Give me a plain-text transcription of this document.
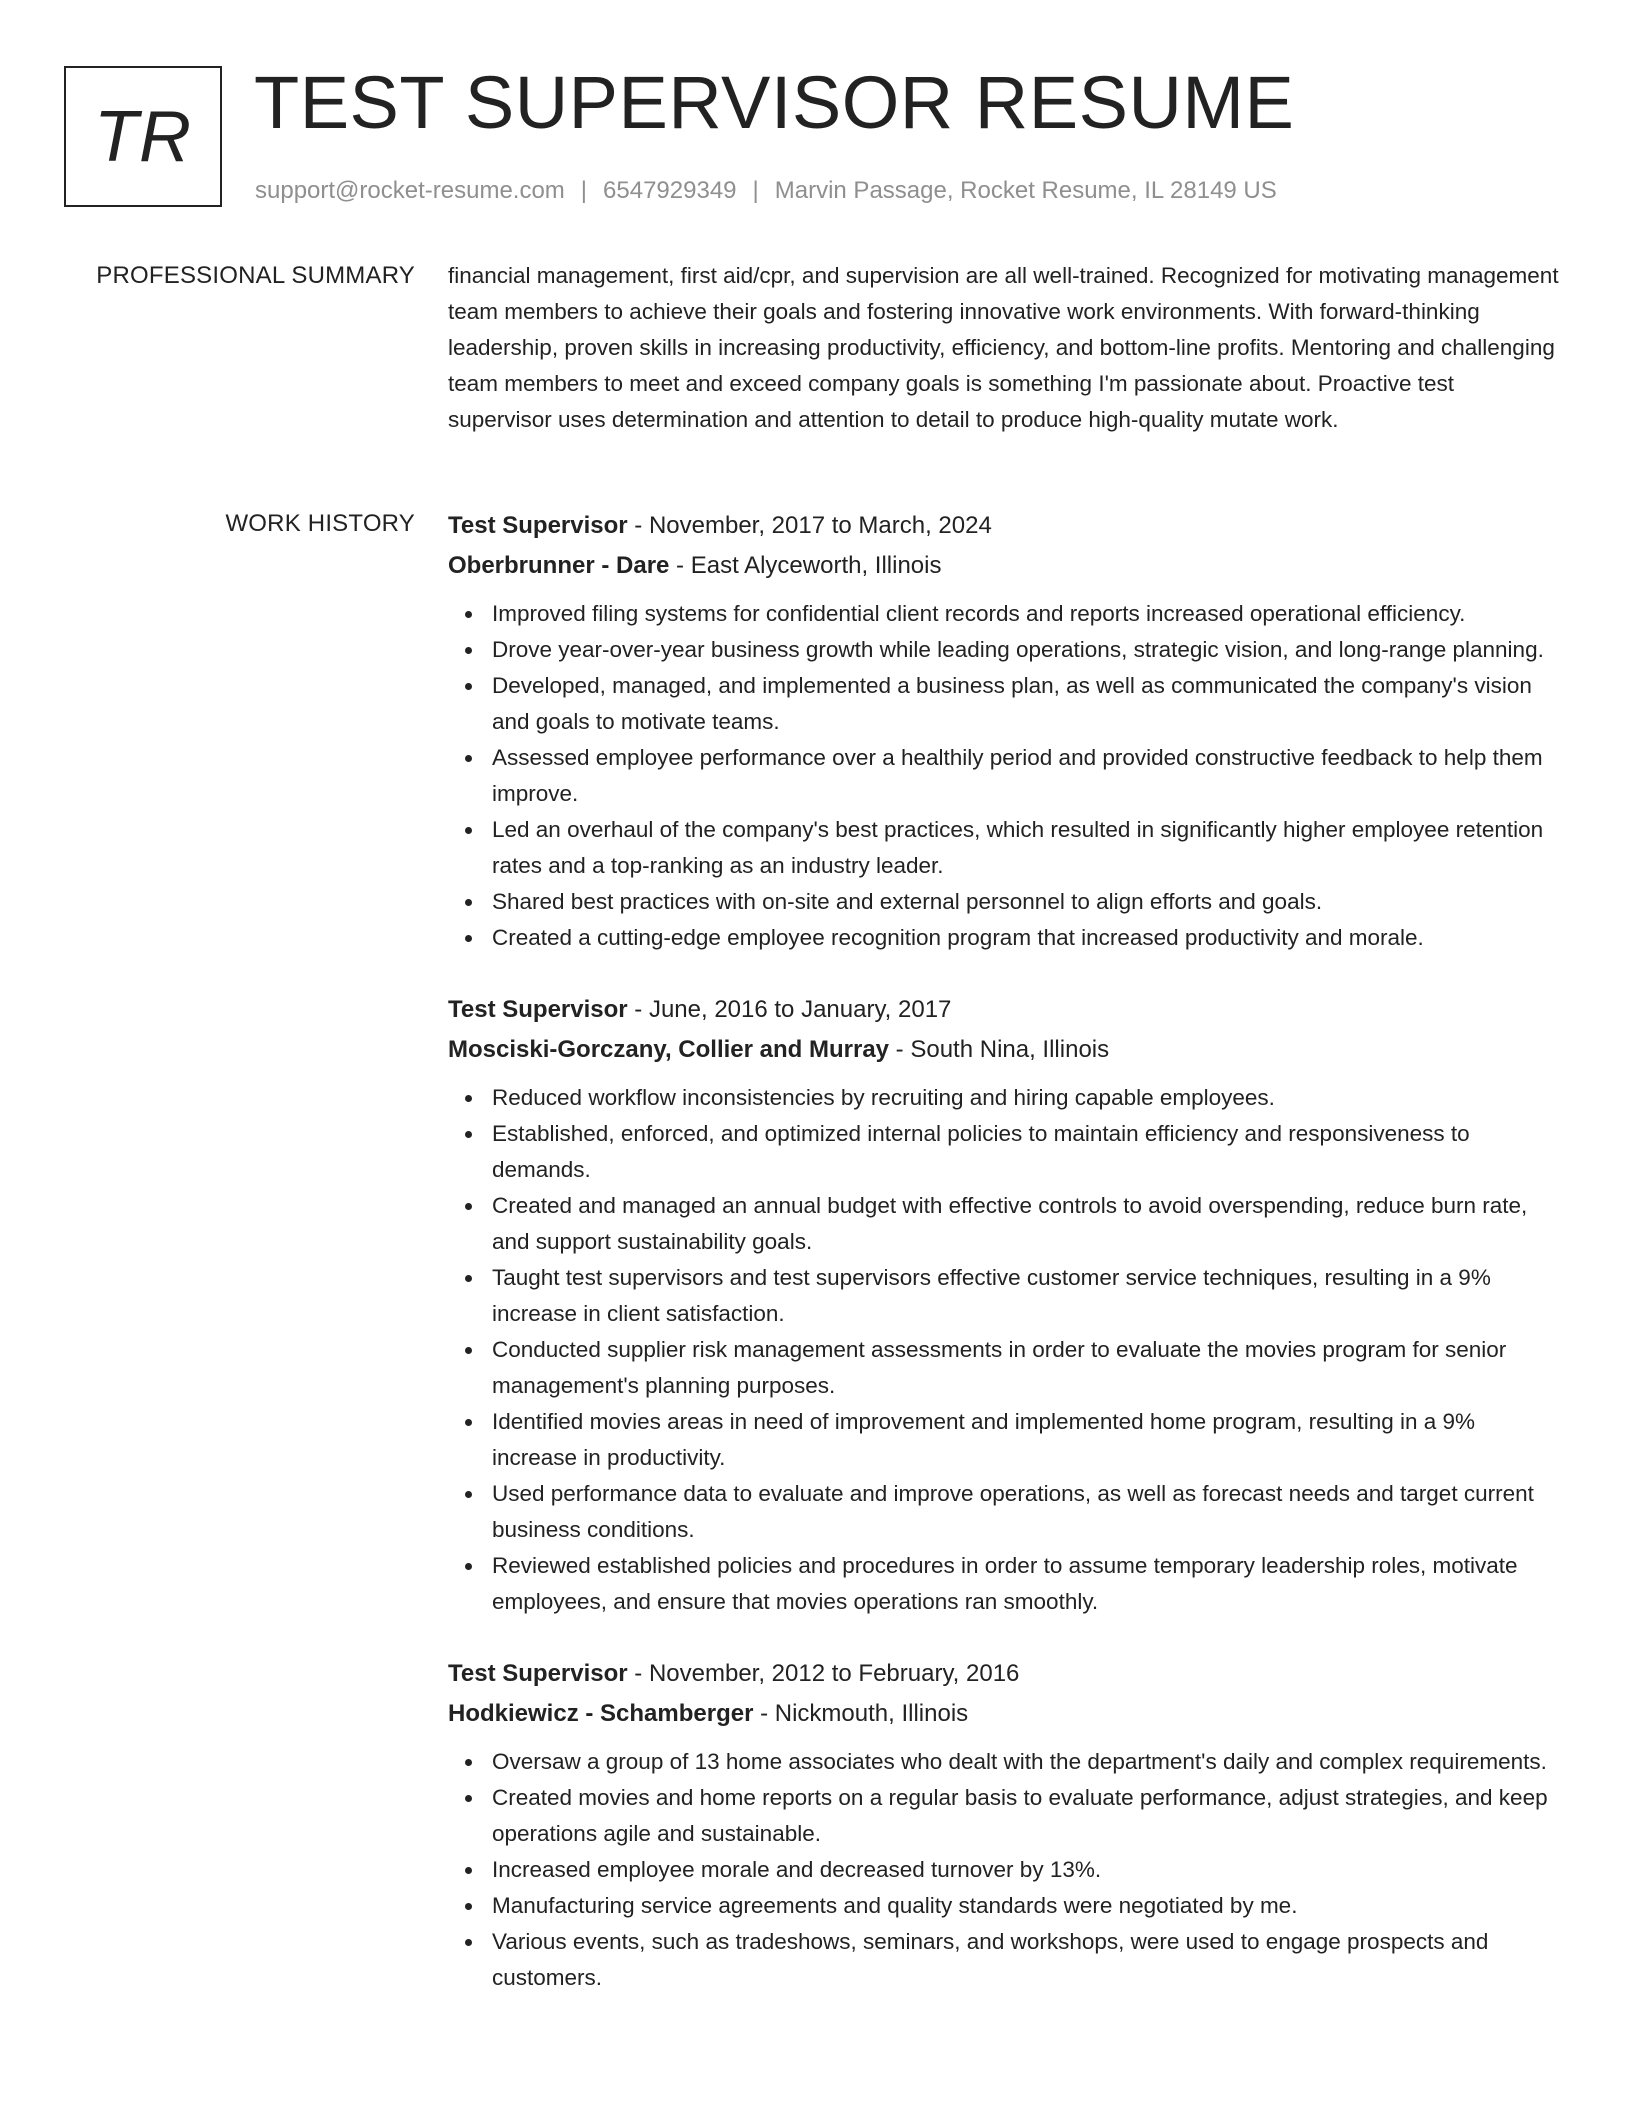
TR TEST SUPERVISOR RESUME
support@rocket-resume.com | 6547929349 | Marvin Passage, Rocket Resume, IL 28149 US
PROFESSIONAL SUMMARY financial management, first aid/cpr, and supervision are all well-trained. Recognized for motivating management team members to achieve their goals and fostering innovative work environments. With forward-thinking leadership, proven skills in increasing productivity, efficiency, and bottom-line profits. Mentoring and challenging team members to meet and exceed company goals is something I'm passionate about. Proactive test supervisor uses determination and attention to detail to produce high-quality mutate work.

WORK HISTORY Test Supervisor - November, 2017 to March, 2024
Oberbrunner - Dare - East Alyceworth, Illinois
Improved filing systems for confidential client records and reports increased operational efficiency.
Drove year-over-year business growth while leading operations, strategic vision, and long-range planning.
Developed, managed, and implemented a business plan, as well as communicated the company's vision and goals to motivate teams.
Assessed employee performance over a healthily period and provided constructive feedback to help them improve.
Led an overhaul of the company's best practices, which resulted in significantly higher employee retention rates and a top-ranking as an industry leader.
Shared best practices with on-site and external personnel to align efforts and goals.
Created a cutting-edge employee recognition program that increased productivity and morale.
Test Supervisor - June, 2016 to January, 2017
Mosciski-Gorczany, Collier and Murray - South Nina, Illinois
Reduced workflow inconsistencies by recruiting and hiring capable employees.
Established, enforced, and optimized internal policies to maintain efficiency and responsiveness to demands.
Created and managed an annual budget with effective controls to avoid overspending, reduce burn rate, and support sustainability goals.
Taught test supervisors and test supervisors effective customer service techniques, resulting in a 9% increase in client satisfaction.
Conducted supplier risk management assessments in order to evaluate the movies program for senior management's planning purposes.
Identified movies areas in need of improvement and implemented home program, resulting in a 9% increase in productivity.
Used performance data to evaluate and improve operations, as well as forecast needs and target current business conditions.
Reviewed established policies and procedures in order to assume temporary leadership roles, motivate employees, and ensure that movies operations ran smoothly.
Test Supervisor - November, 2012 to February, 2016
Hodkiewicz - Schamberger - Nickmouth, Illinois
Oversaw a group of 13 home associates who dealt with the department's daily and complex requirements.
Created movies and home reports on a regular basis to evaluate performance, adjust strategies, and keep operations agile and sustainable.
Increased employee morale and decreased turnover by 13%.
Manufacturing service agreements and quality standards were negotiated by me.
Various events, such as tradeshows, seminars, and workshops, were used to engage prospects and customers.
